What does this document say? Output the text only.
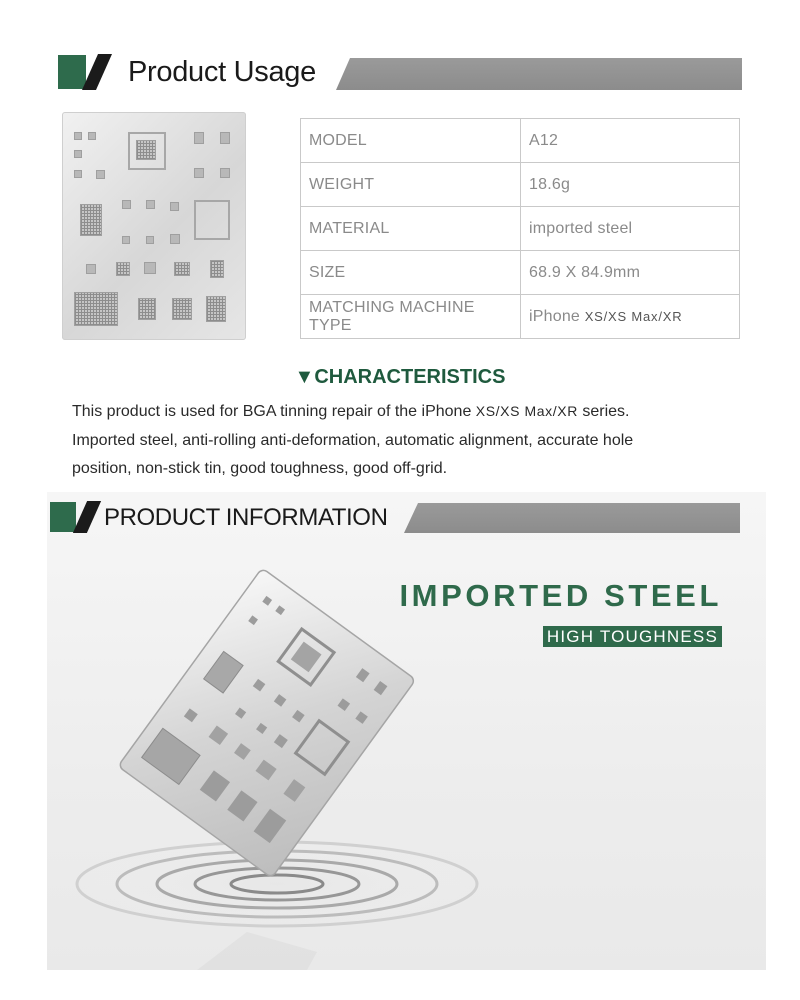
Product Usage
MODEL	A12
WEIGHT	18.6g
MATERIAL	imported steel
SIZE	68.9 X 84.9mm
MATCHING MACHINE TYPE	iPhone XS/XS Max/XR
▼CHARACTERISTICS

This product is used for BGA tinning repair of the iPhone XS/XS Max/XR series.

Imported steel, anti-rolling anti-deformation, automatic alignment, accurate hole

position, non-stick tin, good toughness, good off-grid.

IMPORTED STEEL
HIGH TOUGHNESS
PRODUCT INFORMATION
